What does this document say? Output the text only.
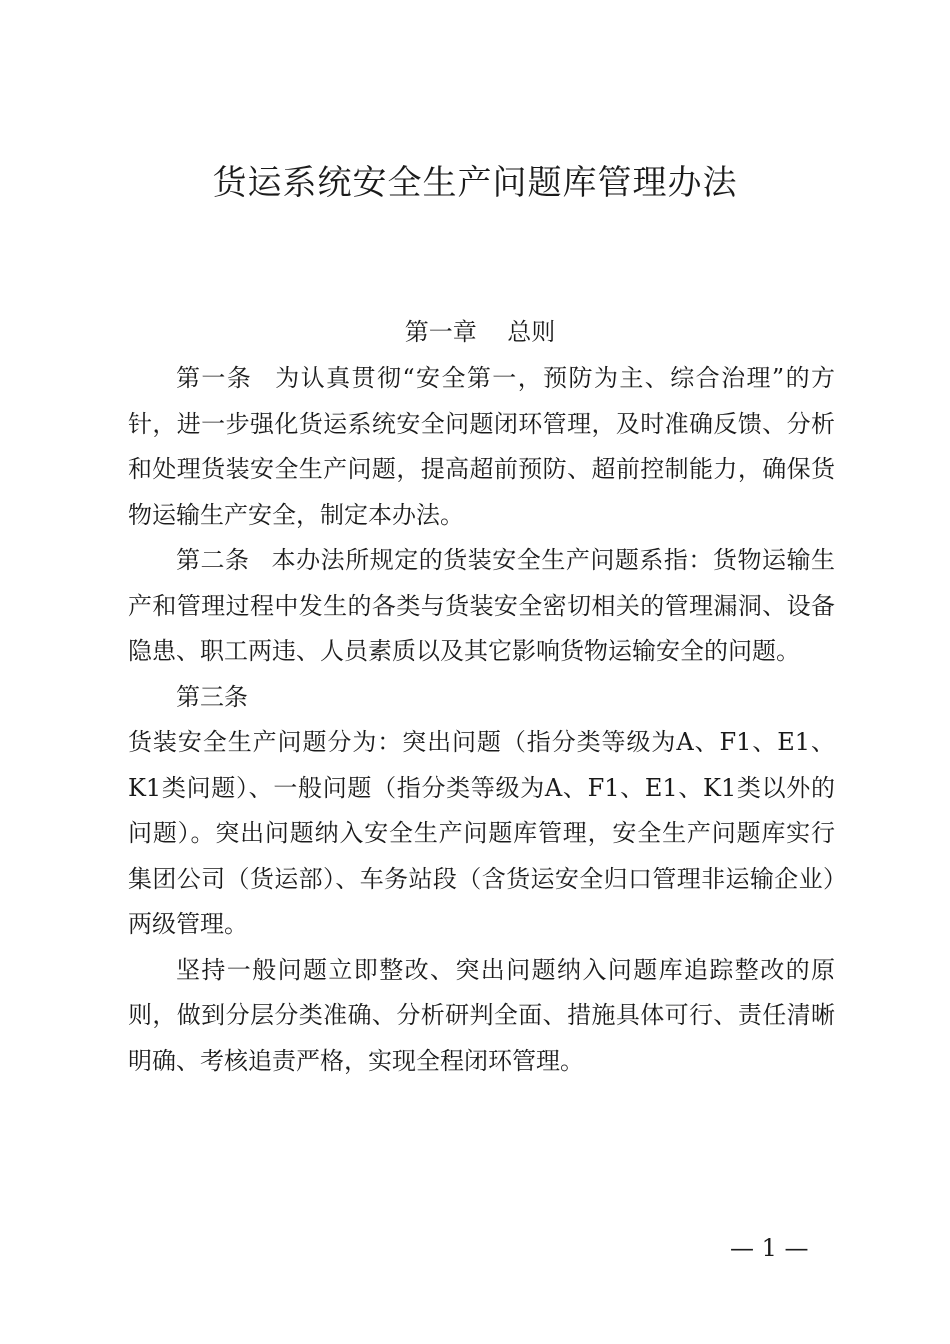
货运系统安全生产问题库管理办法
第一章    总则

第一条 为认真贯彻“安全第一，预防为主、综合治理”的方针，进一步强化货运系统安全问题闭环管理，及时准确反馈、分析和处理货装安全生产问题，提高超前预防、超前控制能力，确保货物运输生产安全，制定本办法。

第二条 本办法所规定的货装安全生产问题系指：货物运输生产和管理过程中发生的各类与货装安全密切相关的管理漏洞、设备隐患、职工两违、人员素质以及其它影响货物运输安全的问题。

第三条

货装安全生产问题分为：突出问题（指分类等级为A、F1、E1、K1类问题）、一般问题（指分类等级为A、F1、E1、K1类以外的问题）。突出问题纳入安全生产问题库管理，安全生产问题库实行集团公司（货运部）、车务站段（含货运安全归口管理非运输企业）两级管理。

坚持一般问题立即整改、突出问题纳入问题库追踪整改的原则，做到分层分类准确、分析研判全面、措施具体可行、责任清晰明确、考核追责严格，实现全程闭环管理。

— 1 —
